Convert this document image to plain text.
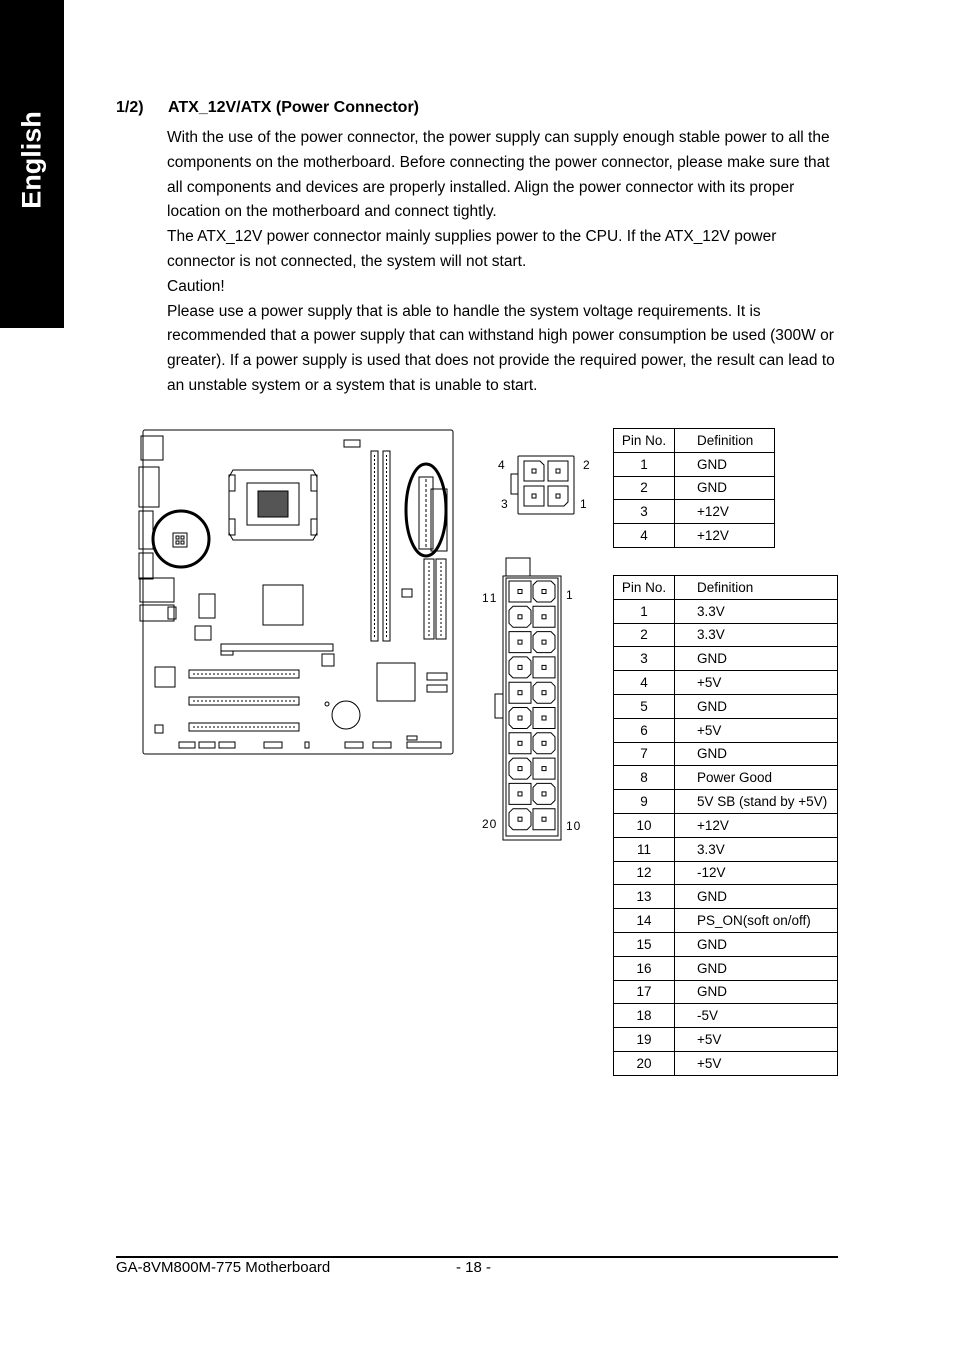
English
1/2) ATX_12V/ATX (Power Connector)

With the use of the power connector, the power supply can supply enough stable power to all the components on the motherboard. Before connecting the power connector, please make sure that all components and devices are properly installed. Align the power connector with its proper location on the motherboard and connect tightly.

The ATX_12V power connector mainly supplies power to the CPU. If the ATX_12V power connector is not connected, the system will not start.

Caution!

Please use a power supply that is able to handle the system voltage requirements. It is recommended that a power supply that can withstand high power consumption be used (300W or greater). If a power supply is used that does not provide the required power, the result can lead to an unstable system or a system that is unable to start.

4	2
3	1
11	1
20	10
Pin No.	Definition
1	GND
2	GND
3	+12V
4	+12V
Pin No.	Definition
1	3.3V
2	3.3V
3	GND
4	+5V
5	GND
6	+5V
7	GND
8	Power Good
9	5V SB (stand by +5V)
10	+12V
11	3.3V
12	-12V
13	GND
14	PS_ON(soft on/off)
15	GND
16	GND
17	GND
18	-5V
19	+5V
20	+5V
GA-8VM800M-775 Motherboard	- 18 -
